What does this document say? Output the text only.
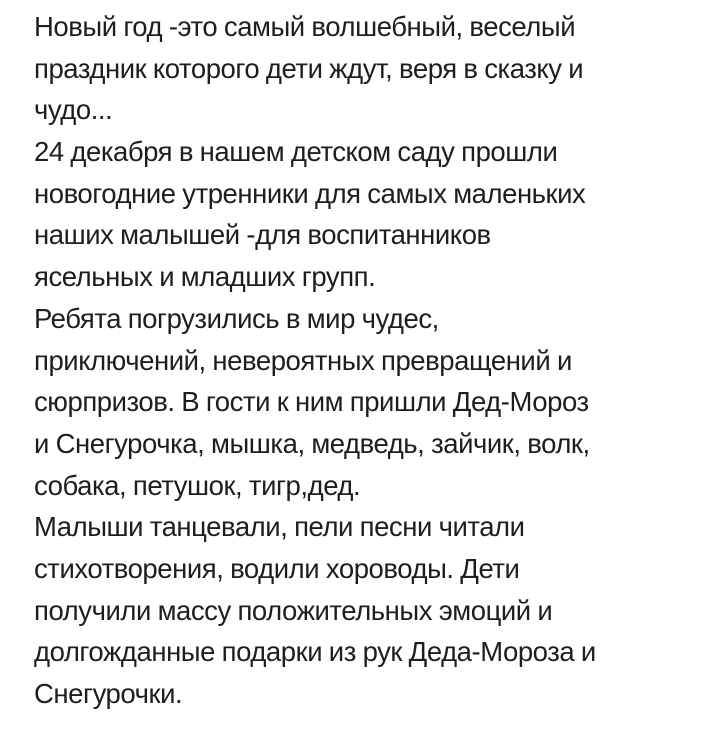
Новый год -это самый волшебный, веселый
праздник которого дети ждут, веря в сказку и
чудо...
24 декабря в нашем детском саду прошли
новогодние утренники для самых маленьких
наших малышей -для воспитанников
ясельных и младших групп.
Ребята погрузились в мир чудес,
приключений, невероятных превращений и
сюрпризов. В гости к ним пришли Дед-Мороз
и Снегурочка, мышка, медведь, зайчик, волк,
собака, петушок, тигр,дед.
Малыши танцевали, пели песни читали
стихотворения, водили хороводы. Дети
получили массу положительных эмоций и
долгожданные подарки из рук Деда-Мороза и
Снегурочки.
